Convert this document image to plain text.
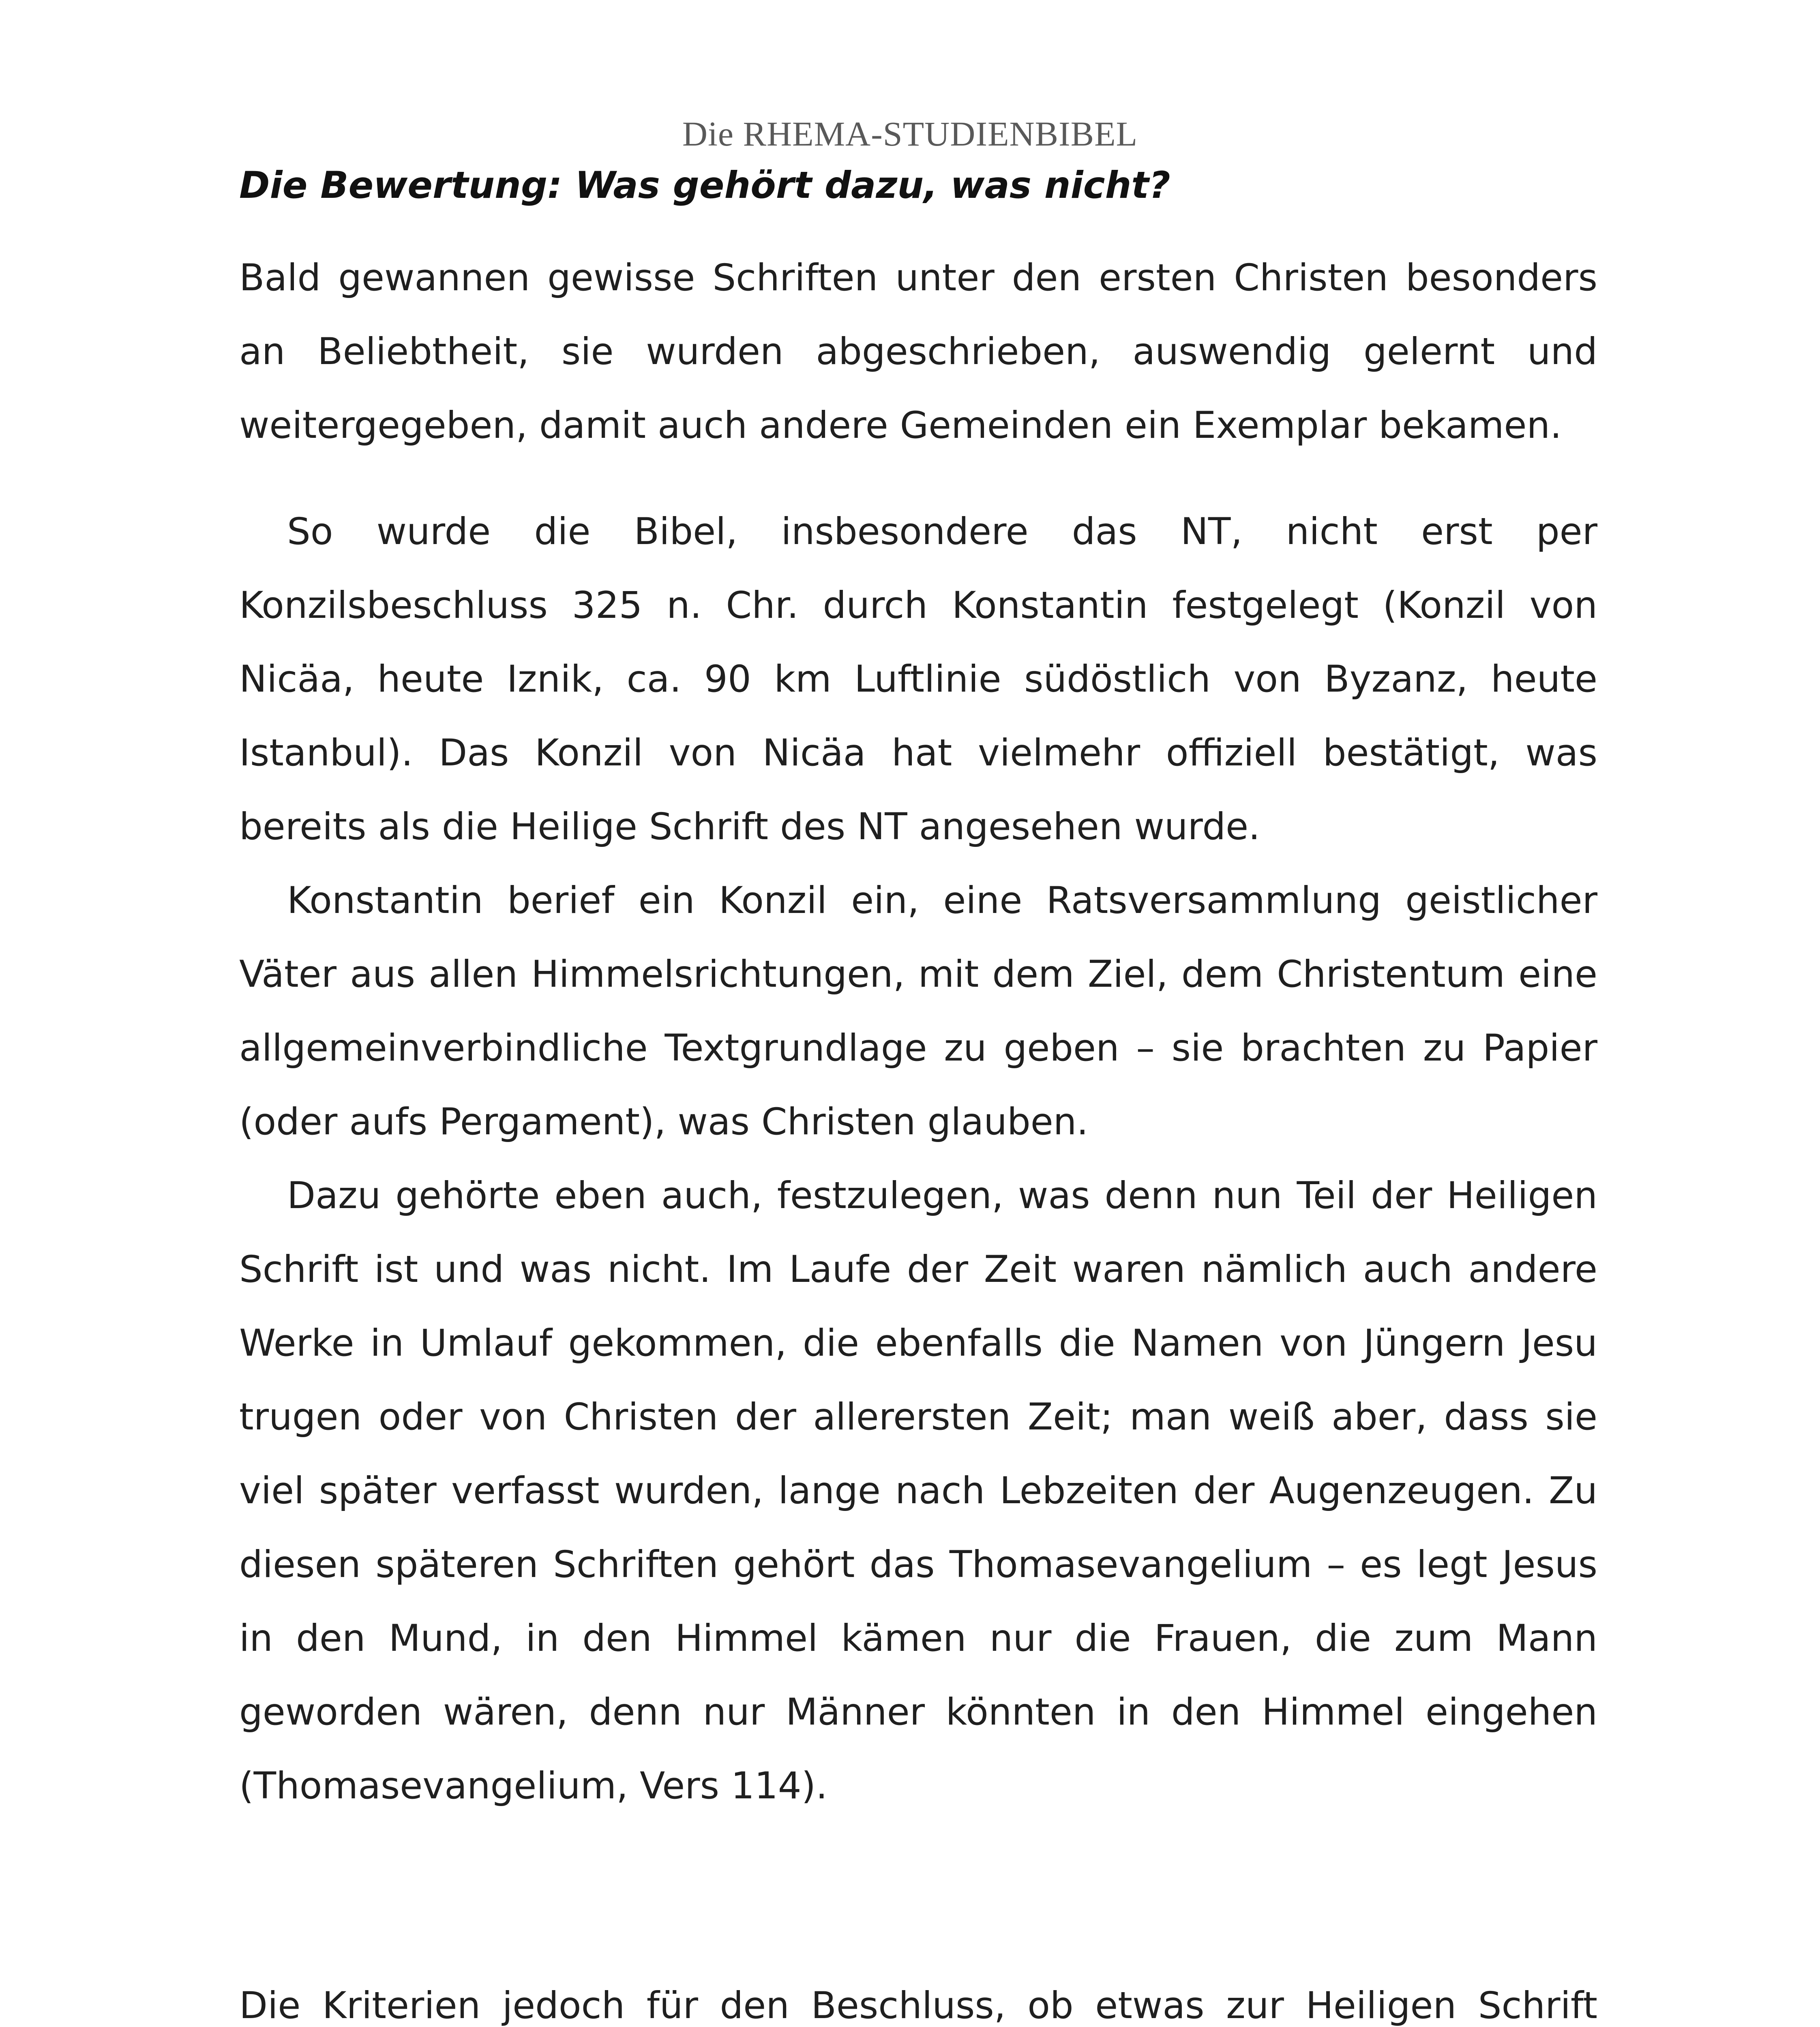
Die RHEMA-STUDIENBIBEL
Die Bewertung: Was gehört dazu, was nicht?

Bald gewannen gewisse Schriften unter den ersten Christen besonders an Beliebtheit, sie wurden abgeschrieben, auswendig gelernt und weitergegeben, damit auch andere Gemeinden ein Exemplar bekamen.

So wurde die Bibel, insbesondere das NT, nicht erst per Konzilsbeschluss 325 n. Chr. durch Konstantin festgelegt (Konzil von Nicäa, heute Iznik, ca. 90 km Luftlinie südöstlich von Byzanz, heute Istanbul). Das Konzil von Nicäa hat vielmehr offiziell bestätigt, was bereits als die Heilige Schrift des NT angesehen wurde.

Konstantin berief ein Konzil ein, eine Ratsversammlung geistlicher Väter aus allen Himmelsrichtungen, mit dem Ziel, dem Christentum eine allgemeinverbindliche Textgrundlage zu geben – sie brachten zu Papier (oder aufs Pergament), was Christen glauben.

Dazu gehörte eben auch, festzulegen, was denn nun Teil der Heiligen Schrift ist und was nicht. Im Laufe der Zeit waren nämlich auch andere Werke in Umlauf gekommen, die ebenfalls die Namen von Jüngern Jesu trugen oder von Christen der allerersten Zeit; man weiß aber, dass sie viel später verfasst wurden, lange nach Lebzeiten der Augenzeugen. Zu diesen späteren Schriften gehört das Thomasevangelium – es legt Jesus in den Mund, in den Himmel kämen nur die Frauen, die zum Mann geworden wären, denn nur Männer könnten in den Himmel eingehen (Thomasevangelium, Vers 114).

Die Kriterien jedoch für den Beschluss, ob etwas zur Heiligen Schrift
